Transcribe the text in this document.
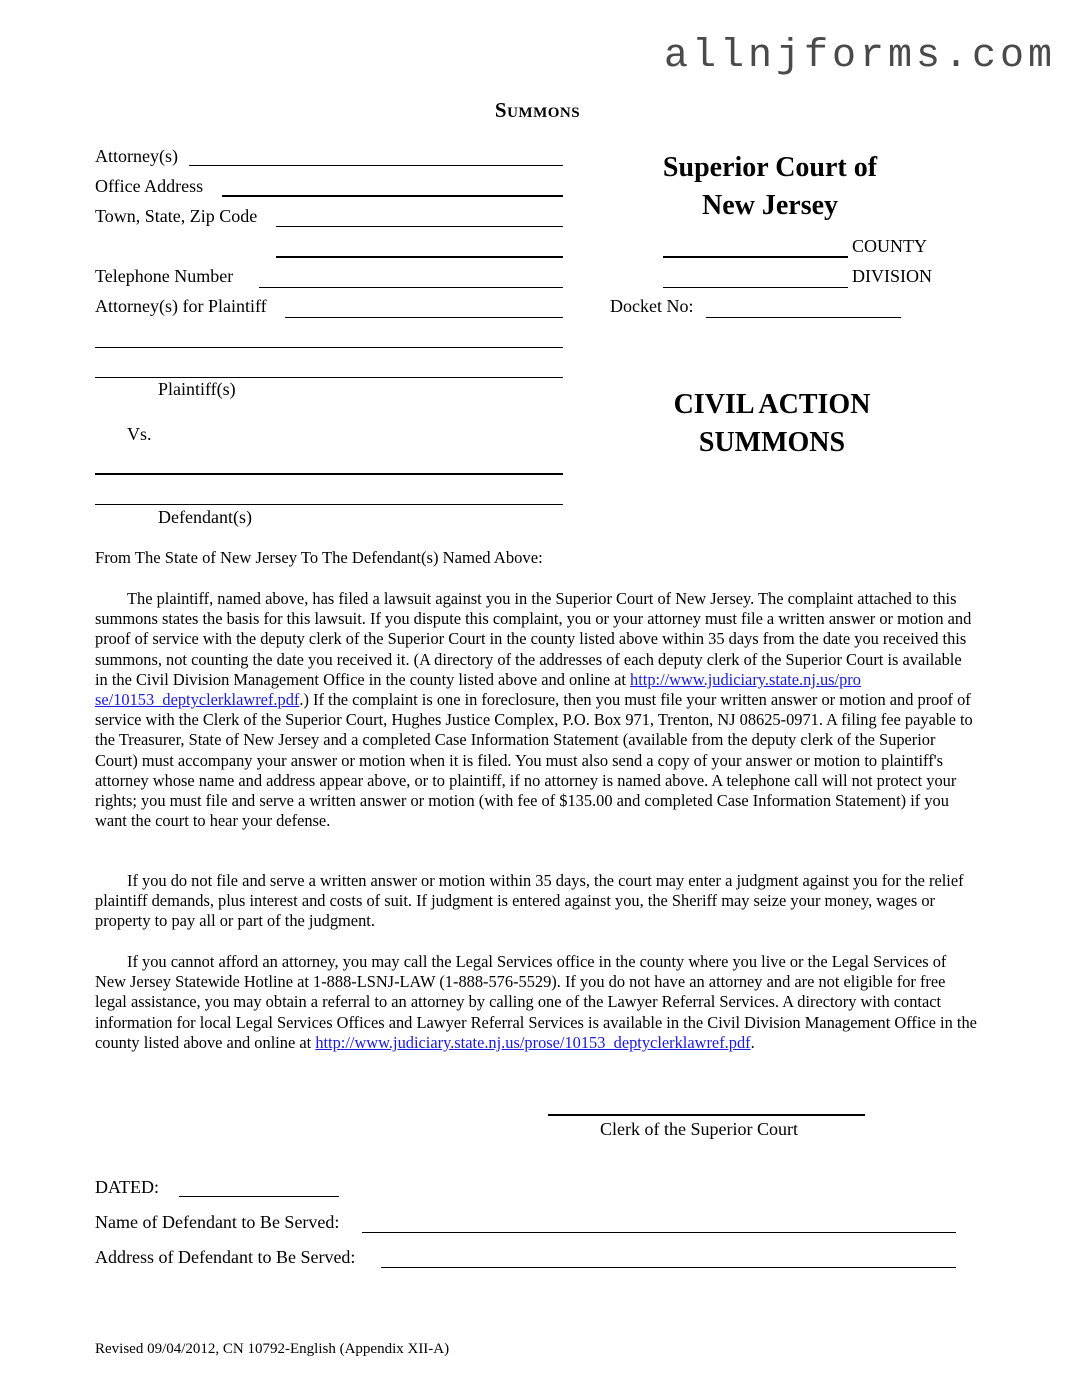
allnjforms.com
Summons
Attorney(s)
Office Address
Town, State, Zip Code
Telephone Number
Attorney(s) for Plaintiff
Plaintiff(s)
Vs.
Defendant(s)
Superior Court of
New Jersey
COUNTY
DIVISION
Docket No:
CIVIL ACTION
SUMMONS
From The State of New Jersey To The Defendant(s) Named Above:

The plaintiff, named above, has filed a lawsuit against you in the Superior Court of New Jersey. The complaint attached to this summons states the basis for this lawsuit. If you dispute this complaint, you or your attorney must file a written answer or motion and proof of service with the deputy clerk of the Superior Court in the county listed above within 35 days from the date you received this summons, not counting the date you received it. (A directory of the addresses of each deputy clerk of the Superior Court is available in the Civil Division Management Office in the county listed above and online at http://www.judiciary.state.nj.us/pro se/10153_deptyclerklawref.pdf.) If the complaint is one in foreclosure, then you must file your written answer or motion and proof of service with the Clerk of the Superior Court, Hughes Justice Complex, P.O. Box 971, Trenton, NJ 08625-0971. A filing fee payable to the Treasurer, State of New Jersey and a completed Case Information Statement (available from the deputy clerk of the Superior Court) must accompany your answer or motion when it is filed. You must also send a copy of your answer or motion to plaintiff's attorney whose name and address appear above, or to plaintiff, if no attorney is named above. A telephone call will not protect your rights; you must file and serve a written answer or motion (with fee of $135.00 and completed Case Information Statement) if you want the court to hear your defense.

If you do not file and serve a written answer or motion within 35 days, the court may enter a judgment against you for the relief plaintiff demands, plus interest and costs of suit. If judgment is entered against you, the Sheriff may seize your money, wages or property to pay all or part of the judgment.

If you cannot afford an attorney, you may call the Legal Services office in the county where you live or the Legal Services of New Jersey Statewide Hotline at 1-888-LSNJ-LAW (1-888-576-5529). If you do not have an attorney and are not eligible for free legal assistance, you may obtain a referral to an attorney by calling one of the Lawyer Referral Services. A directory with contact information for local Legal Services Offices and Lawyer Referral Services is available in the Civil Division Management Office in the county listed above and online at http://www.judiciary.state.nj.us/prose/10153_deptyclerklawref.pdf.

Clerk of the Superior Court
DATED:
Name of Defendant to Be Served:
Address of Defendant to Be Served:
Revised 09/04/2012, CN 10792-English (Appendix XII-A)
